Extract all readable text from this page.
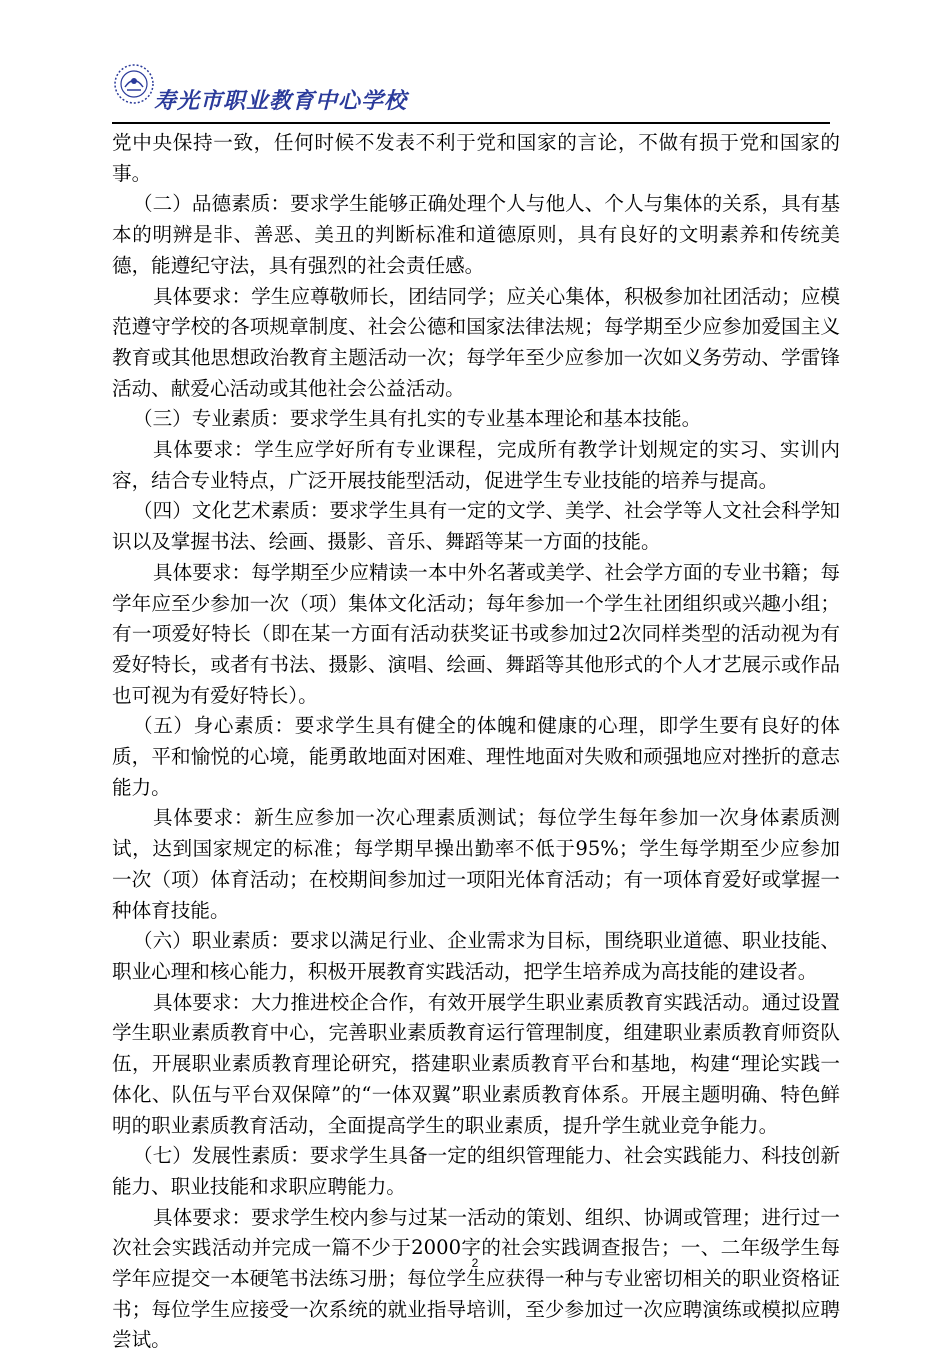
寿光市职业教育中心学校

党中央保持一致，任何时候不发表不利于党和国家的言论，不做有损于党和国家的事。

（二）品德素质：要求学生能够正确处理个人与他人、个人与集体的关系，具有基本的明辨是非、善恶、美丑的判断标准和道德原则，具有良好的文明素养和传统美德，能遵纪守法，具有强烈的社会责任感。

具体要求：学生应尊敬师长，团结同学；应关心集体，积极参加社团活动；应模范遵守学校的各项规章制度、社会公德和国家法律法规；每学期至少应参加爱国主义教育或其他思想政治教育主题活动一次；每学年至少应参加一次如义务劳动、学雷锋活动、献爱心活动或其他社会公益活动。

（三）专业素质：要求学生具有扎实的专业基本理论和基本技能。

具体要求：学生应学好所有专业课程，完成所有教学计划规定的实习、实训内容，结合专业特点，广泛开展技能型活动，促进学生专业技能的培养与提高。

（四）文化艺术素质：要求学生具有一定的文学、美学、社会学等人文社会科学知识以及掌握书法、绘画、摄影、音乐、舞蹈等某一方面的技能。

具体要求：每学期至少应精读一本中外名著或美学、社会学方面的专业书籍；每学年应至少参加一次（项）集体文化活动；每年参加一个学生社团组织或兴趣小组；有一项爱好特长（即在某一方面有活动获奖证书或参加过2次同样类型的活动视为有爱好特长，或者有书法、摄影、演唱、绘画、舞蹈等其他形式的个人才艺展示或作品也可视为有爱好特长）。

（五）身心素质：要求学生具有健全的体魄和健康的心理，即学生要有良好的体质，平和愉悦的心境，能勇敢地面对困难、理性地面对失败和顽强地应对挫折的意志能力。

具体要求：新生应参加一次心理素质测试；每位学生每年参加一次身体素质测试，达到国家规定的标准；每学期早操出勤率不低于95%；学生每学期至少应参加一次（项）体育活动；在校期间参加过一项阳光体育活动；有一项体育爱好或掌握一种体育技能。

（六）职业素质：要求以满足行业、企业需求为目标，围绕职业道德、职业技能、职业心理和核心能力，积极开展教育实践活动，把学生培养成为高技能的建设者。

具体要求：大力推进校企合作，有效开展学生职业素质教育实践活动。通过设置学生职业素质教育中心，完善职业素质教育运行管理制度，组建职业素质教育师资队伍，开展职业素质教育理论研究，搭建职业素质教育平台和基地，构建“理论实践一体化、队伍与平台双保障”的“一体双翼”职业素质教育体系。开展主题明确、特色鲜明的职业素质教育活动，全面提高学生的职业素质，提升学生就业竞争能力。

（七）发展性素质：要求学生具备一定的组织管理能力、社会实践能力、科技创新能力、职业技能和求职应聘能力。

具体要求：要求学生校内参与过某一活动的策划、组织、协调或管理；进行过一次社会实践活动并完成一篇不少于2000字的社会实践调查报告；一、二年级学生每学年应提交一本硬笔书法练习册；每位学生应获得一种与专业密切相关的职业资格证书；每位学生应接受一次系统的就业指导培训，至少参加过一次应聘演练或模拟应聘尝试。

2
